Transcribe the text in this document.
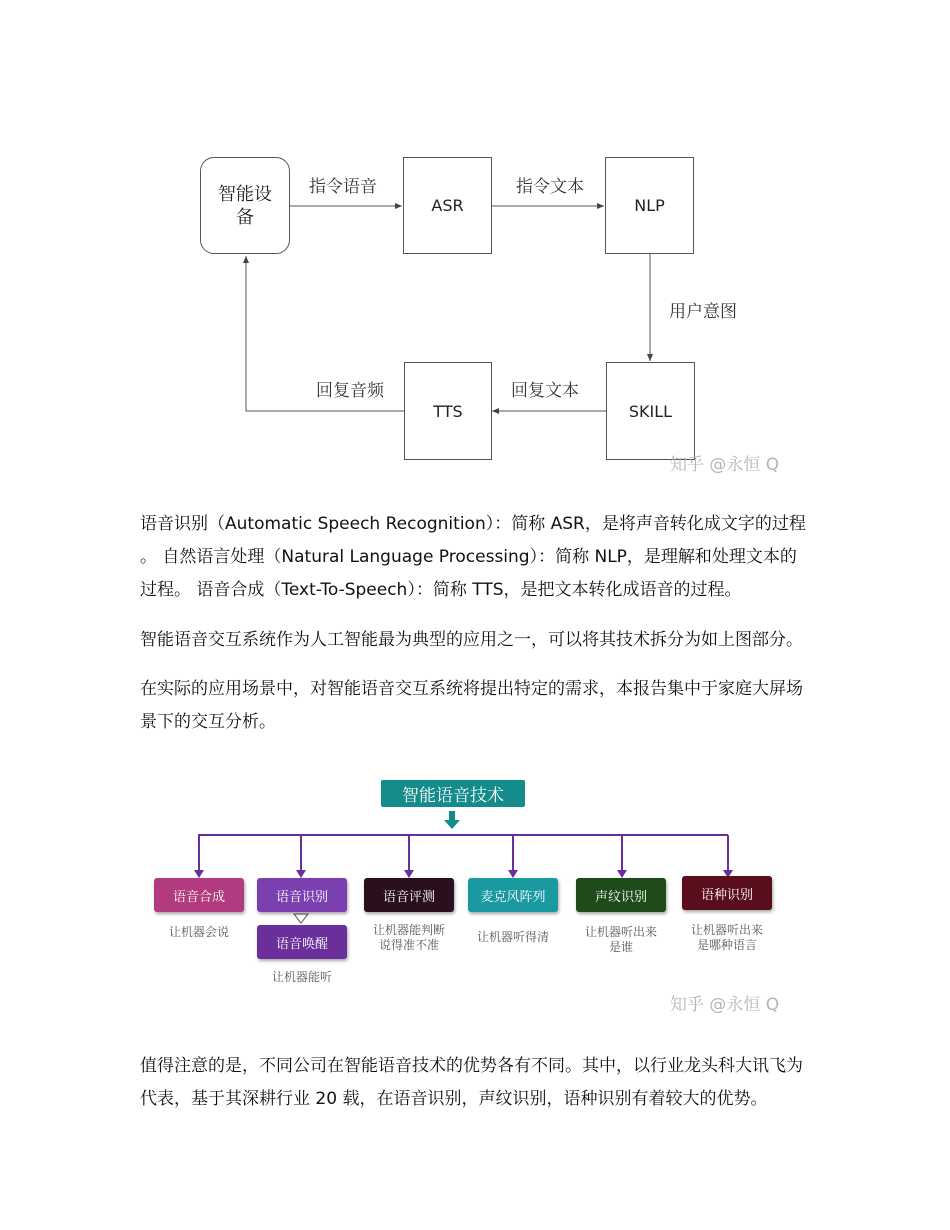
智能设
备
ASR	NLP
SKILL
TTS
指令语音	指令文本
用户意图
回复文本
回复音频
知乎 @永恒 Q
语音识别（Automatic Speech Recognition）：简称 ASR，是将声音转化成文字的过程
。 自然语言处理（Natural Language Processing）：简称 NLP，是理解和处理文本的
过程。 语音合成（Text-To-Speech）：简称 TTS，是把文本转化成语音的过程。
智能语音交互系统作为人工智能最为典型的应用之一，可以将其技术拆分为如上图部分。
在实际的应用场景中，对智能语音交互系统将提出特定的需求，本报告集中于家庭大屏场
景下的交互分析。
智能语音技术
语音合成	语音识别	语音评测	麦克风阵列	声纹识别	语种识别
语音唤醒
让机器会说	让机器能判断
说得准不准
让机器听得清	让机器听出来
是谁
让机器听出来
是哪种语言
让机器能听
知乎 @永恒 Q
值得注意的是，不同公司在智能语音技术的优势各有不同。其中，以行业龙头科大讯飞为
代表，基于其深耕行业 20 载，在语音识别，声纹识别，语种识别有着较大的优势。
